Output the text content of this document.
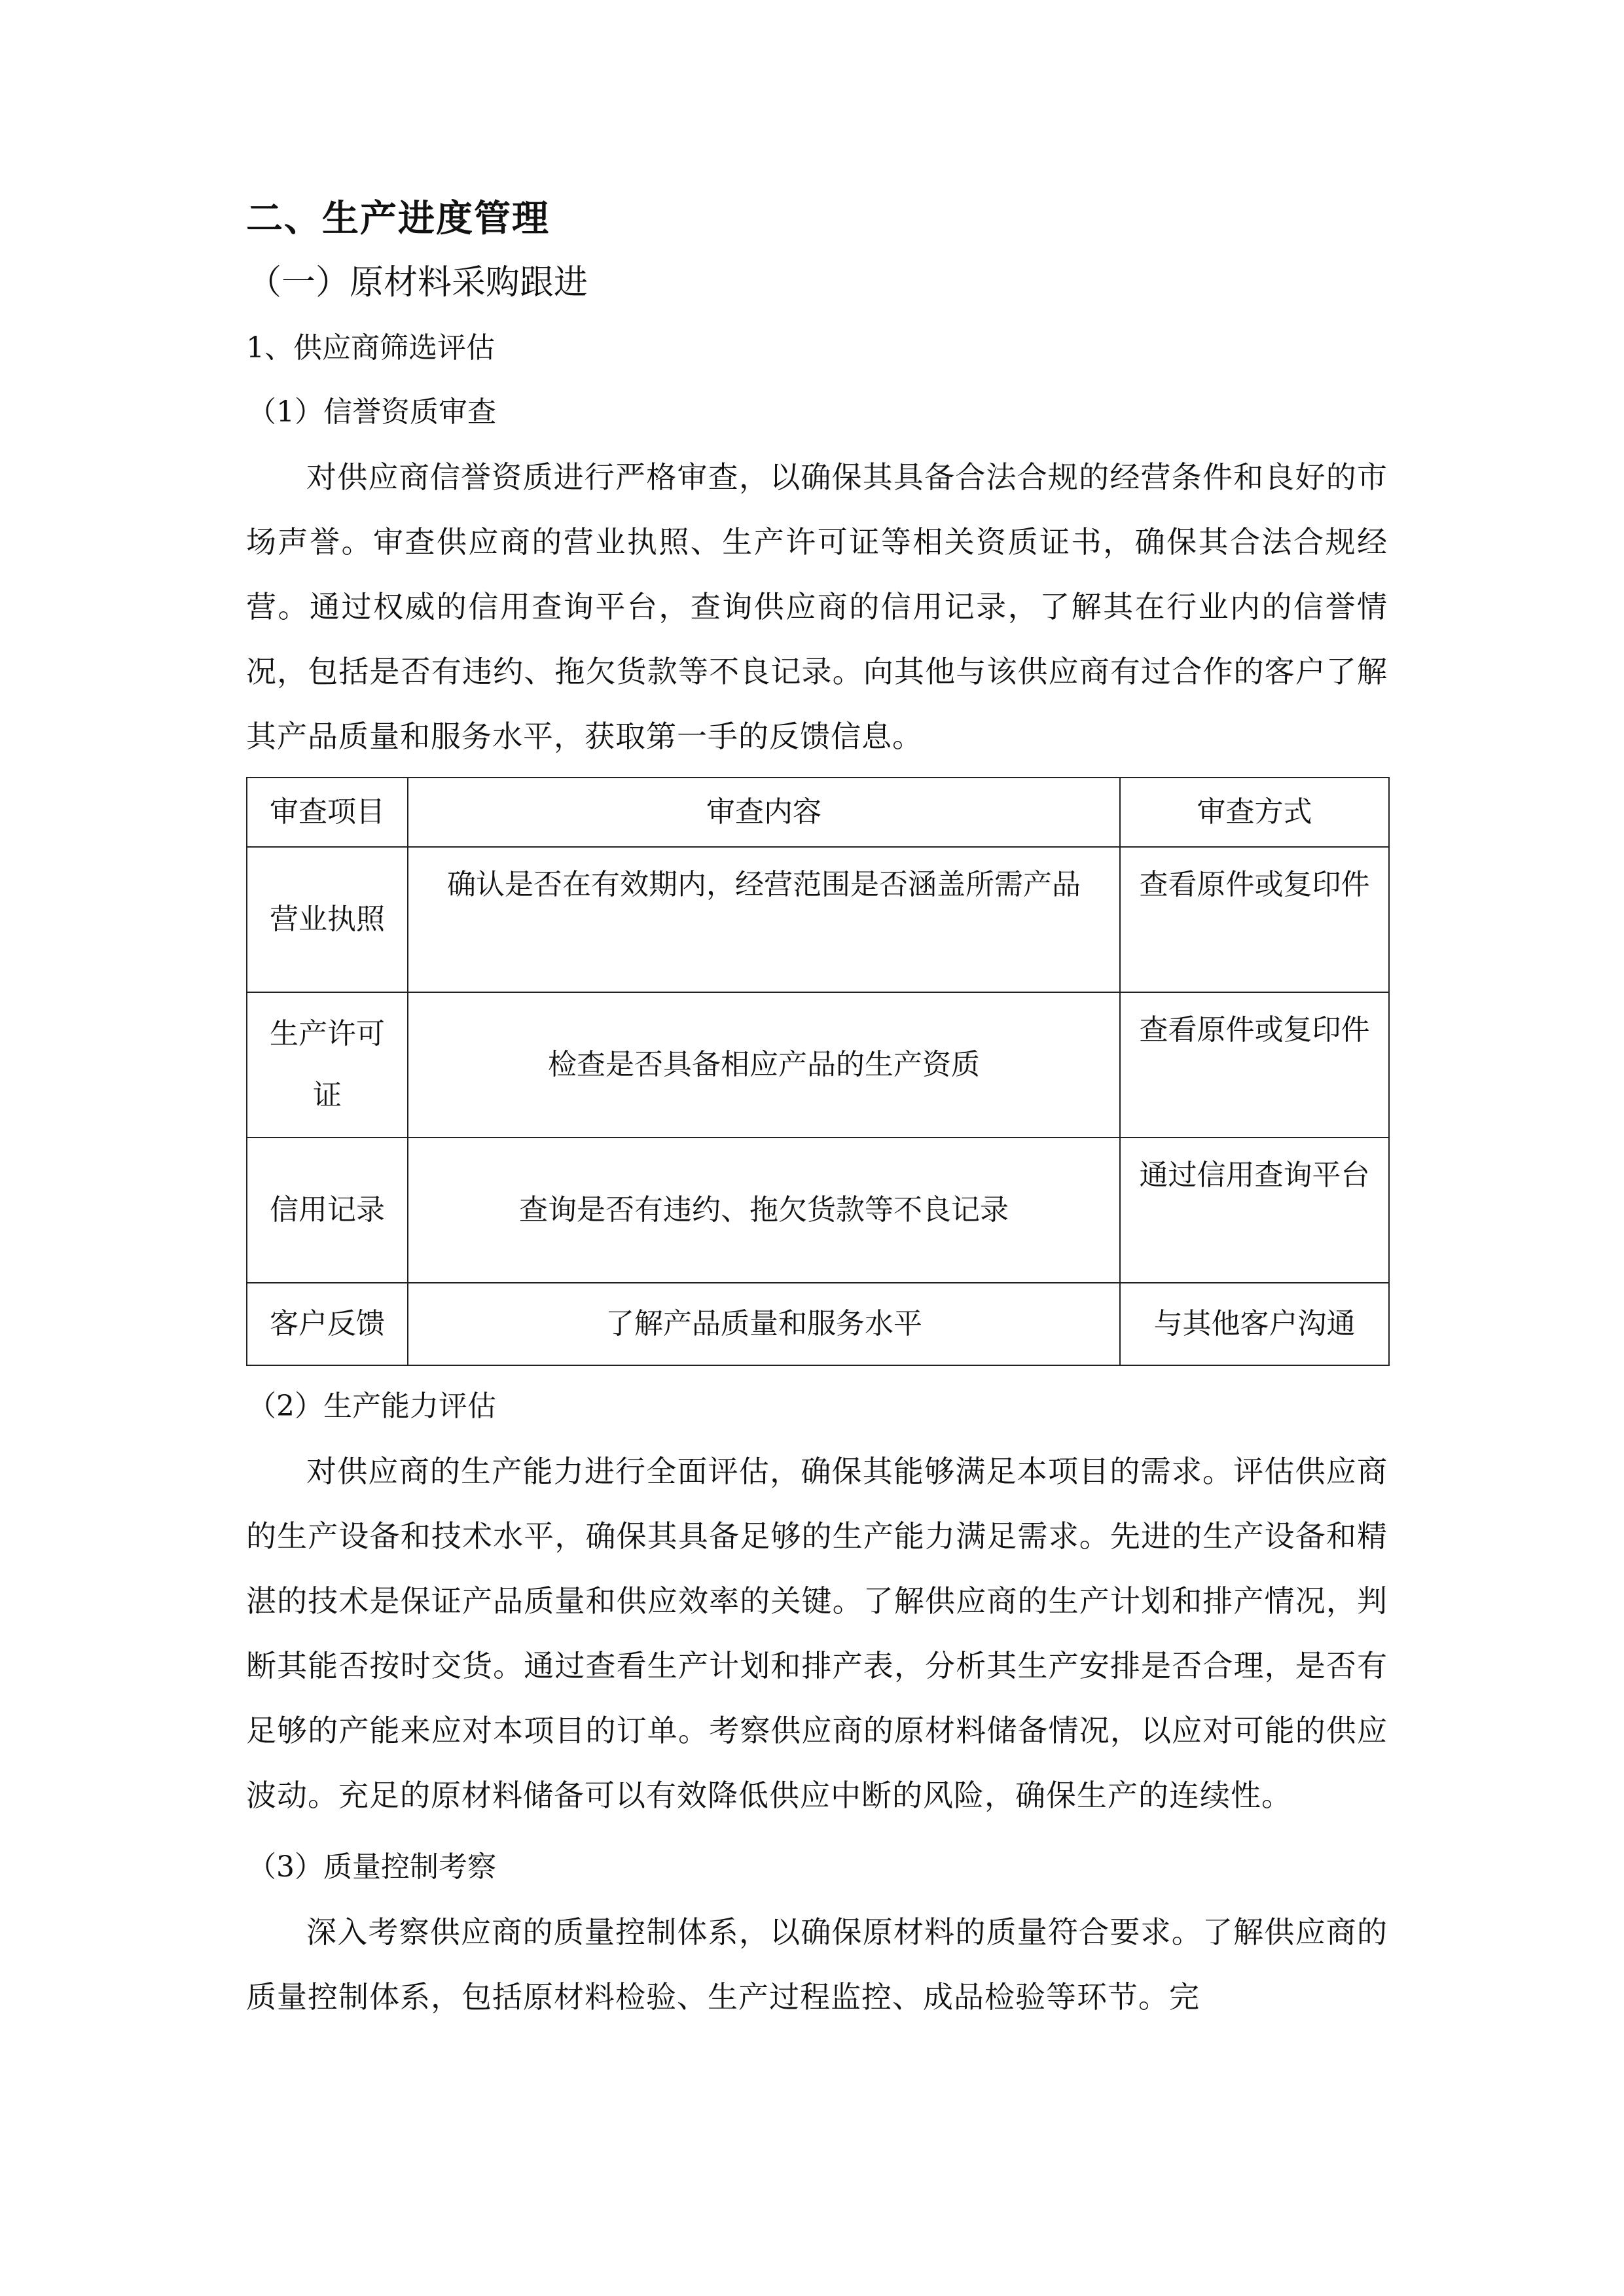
二、生产进度管理
（一）原材料采购跟进
1、供应商筛选评估
（1）信誉资质审查

对供应商信誉资质进行严格审查，以确保其具备合法合规的经营条件和良好的市场声誉。审查供应商的营业执照、生产许可证等相关资质证书，确保其合法合规经营。通过权威的信用查询平台，查询供应商的信用记录，了解其在行业内的信誉情况，包括是否有违约、拖欠货款等不良记录。向其他与该供应商有过合作的客户了解其产品质量和服务水平，获取第一手的反馈信息。

审查项目	审查内容	审查方式
营业执照	确认是否在有效期内，经营范围是否涵盖所需产品	查看原件或复印件
生产许可证	检查是否具备相应产品的生产资质	查看原件或复印件
信用记录	查询是否有违约、拖欠货款等不良记录	通过信用查询平台
客户反馈	了解产品质量和服务水平	与其他客户沟通
（2）生产能力评估

对供应商的生产能力进行全面评估，确保其能够满足本项目的需求。评估供应商的生产设备和技术水平，确保其具备足够的生产能力满足需求。先进的生产设备和精湛的技术是保证产品质量和供应效率的关键。了解供应商的生产计划和排产情况，判断其能否按时交货。通过查看生产计划和排产表，分析其生产安排是否合理，是否有足够的产能来应对本项目的订单。考察供应商的原材料储备情况，以应对可能的供应波动。充足的原材料储备可以有效降低供应中断的风险，确保生产的连续性。

（3）质量控制考察

深入考察供应商的质量控制体系，以确保原材料的质量符合要求。了解供应商的质量控制体系，包括原材料检验、生产过程监控、成品检验等环节。完
